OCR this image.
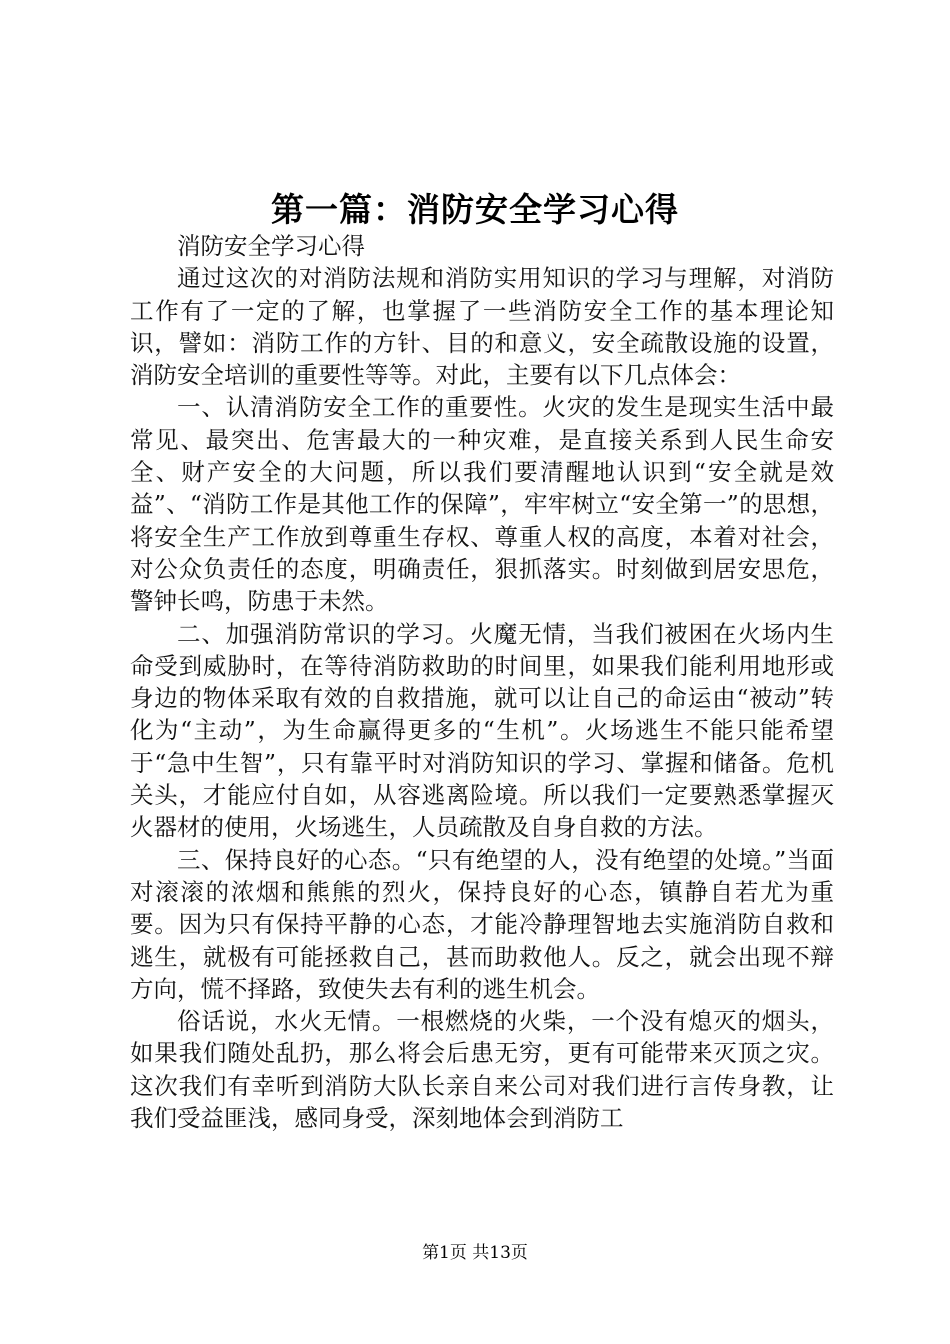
第一篇：消防安全学习心得

消防安全学习心得

通过这次的对消防法规和消防实用知识的学习与理解，对消防工作有了一定的了解，也掌握了一些消防安全工作的基本理论知识，譬如：消防工作的方针、目的和意义，安全疏散设施的设置，消防安全培训的重要性等等。对此，主要有以下几点体会：

一、认清消防安全工作的重要性。火灾的发生是现实生活中最常见、最突出、危害最大的一种灾难，是直接关系到人民生命安全、财产安全的大问题，所以我们要清醒地认识到“安全就是效益”、“消防工作是其他工作的保障”，牢牢树立“安全第一”的思想，将安全生产工作放到尊重生存权、尊重人权的高度，本着对社会，对公众负责任的态度，明确责任，狠抓落实。时刻做到居安思危，警钟长鸣，防患于未然。

二、加强消防常识的学习。火魔无情，当我们被困在火场内生命受到威胁时，在等待消防救助的时间里，如果我们能利用地形或身边的物体采取有效的自救措施，就可以让自己的命运由“被动”转化为“主动”，为生命赢得更多的“生机”。火场逃生不能只能希望于“急中生智”，只有靠平时对消防知识的学习、掌握和储备。危机关头，才能应付自如，从容逃离险境。所以我们一定要熟悉掌握灭火器材的使用，火场逃生，人员疏散及自身自救的方法。

三、保持良好的心态。“只有绝望的人，没有绝望的处境。”当面对滚滚的浓烟和熊熊的烈火，保持良好的心态，镇静自若尤为重要。因为只有保持平静的心态，才能冷静理智地去实施消防自救和逃生，就极有可能拯救自己，甚而助救他人。反之，就会出现不辩方向，慌不择路，致使失去有利的逃生机会。

俗话说，水火无情。一根燃烧的火柴，一个没有熄灭的烟头，如果我们随处乱扔，那么将会后患无穷，更有可能带来灭顶之灾。这次我们有幸听到消防大队长亲自来公司对我们进行言传身教，让我们受益匪浅，感同身受，深刻地体会到消防工

第1页 共13页
